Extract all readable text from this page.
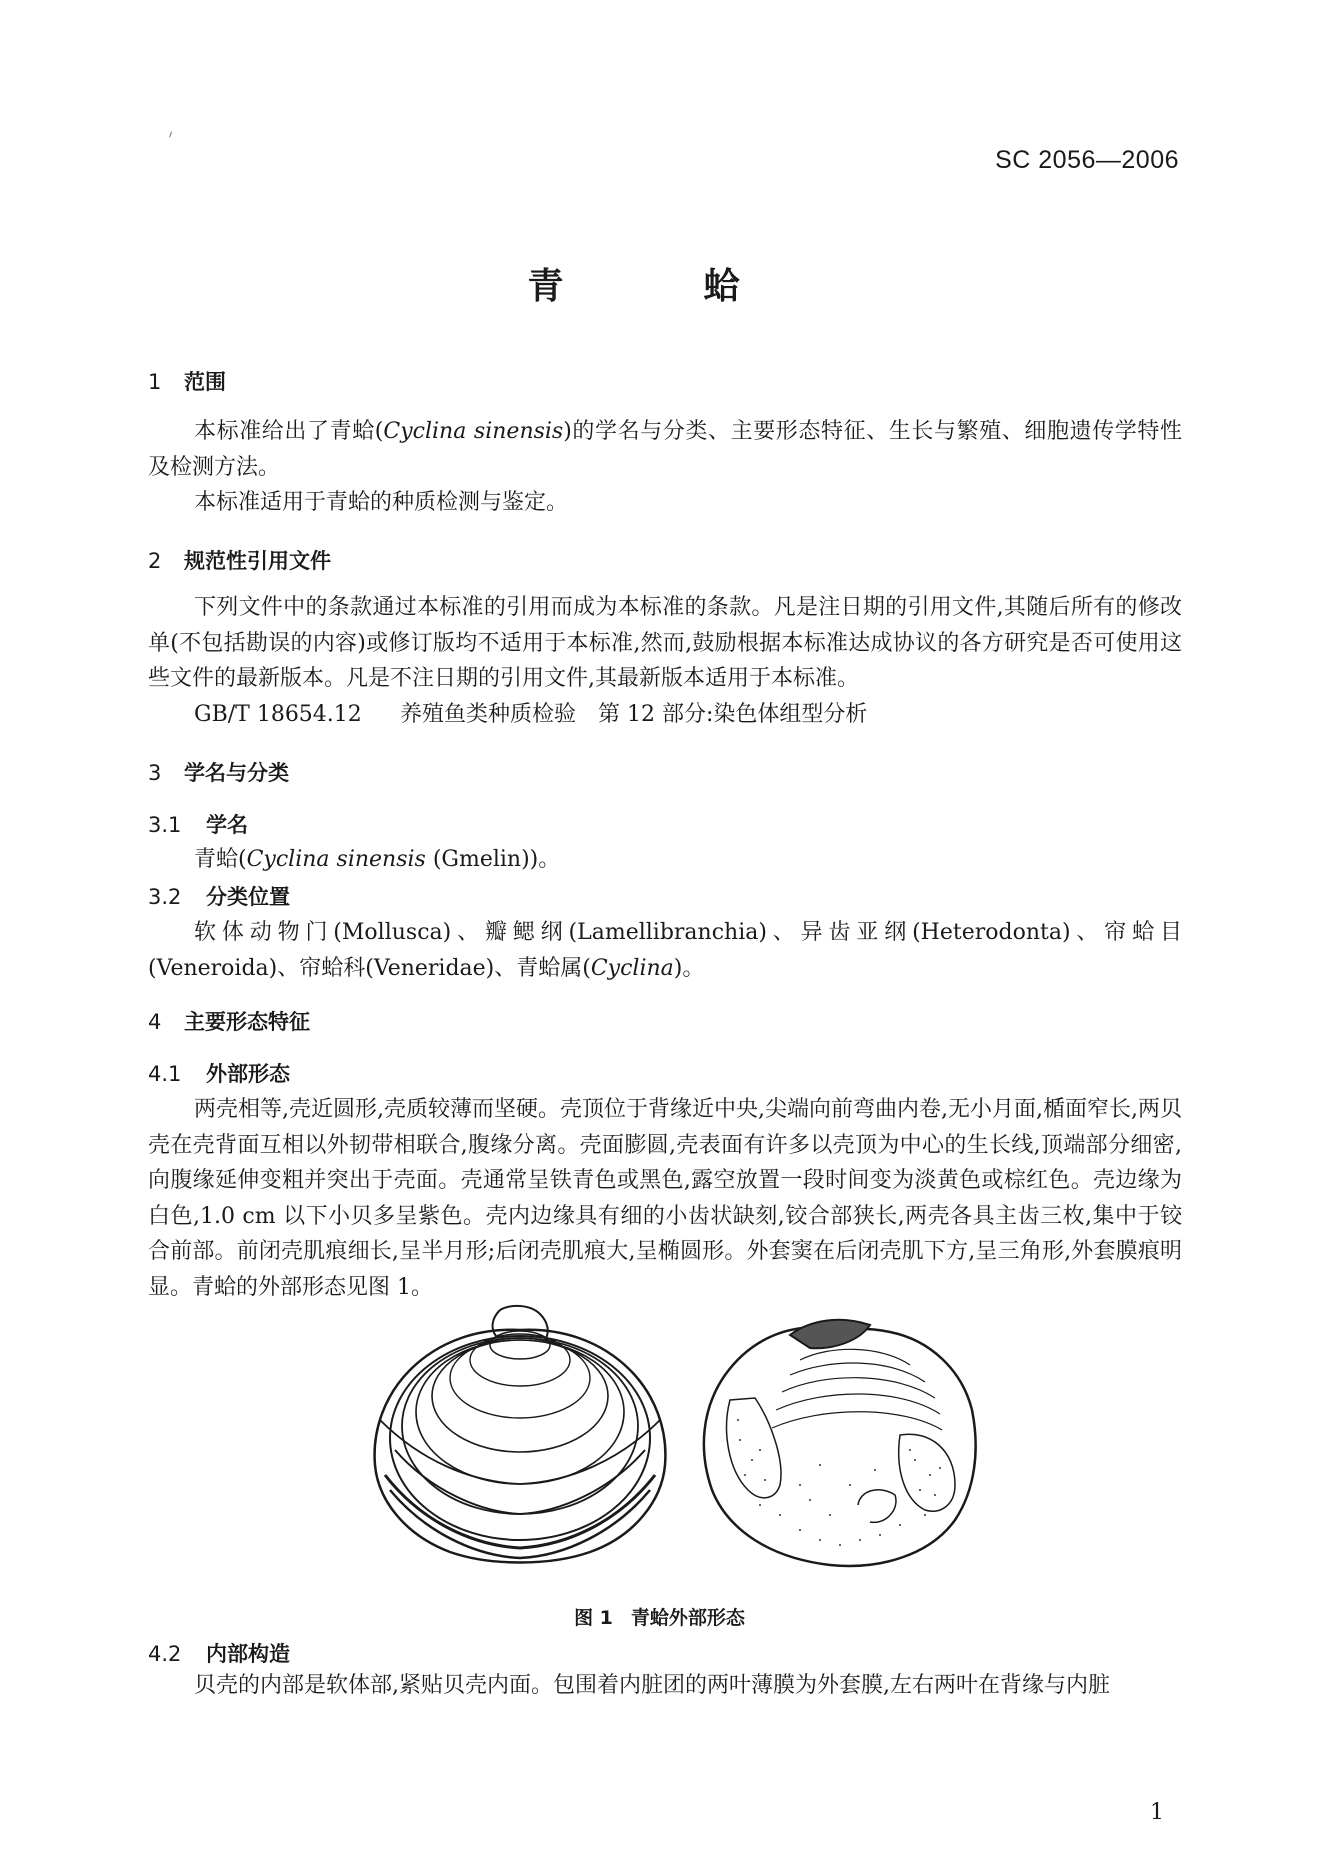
SC 2056—2006
青　蛤
1 范围

本标准给出了青蛤(Cyclina sinensis)的学名与分类、主要形态特征、生长与繁殖、细胞遗传学特性及检测方法。

本标准适用于青蛤的种质检测与鉴定。

2 规范性引用文件

下列文件中的条款通过本标准的引用而成为本标准的条款。凡是注日期的引用文件,其随后所有的修改单(不包括勘误的内容)或修订版均不适用于本标准,然而,鼓励根据本标准达成协议的各方研究是否可使用这些文件的最新版本。凡是不注日期的引用文件,其最新版本适用于本标准。

GB/T 18654.12 养殖鱼类种质检验　第 12 部分:染色体组型分析

3 学名与分类
3.1 学名

青蛤(Cyclina sinensis (Gmelin))。

3.2 分类位置

软体动物门(Mollusca)、瓣鳃纲(Lamellibranchia)、异齿亚纲(Heterodonta)、帘蛤目(Veneroida)、帘蛤科(Veneridae)、青蛤属(Cyclina)。

4 主要形态特征
4.1 外部形态

两壳相等,壳近圆形,壳质较薄而坚硬。壳顶位于背缘近中央,尖端向前弯曲内卷,无小月面,楯面窄长,两贝壳在壳背面互相以外韧带相联合,腹缘分离。壳面膨圆,壳表面有许多以壳顶为中心的生长线,顶端部分细密,向腹缘延伸变粗并突出于壳面。壳通常呈铁青色或黑色,露空放置一段时间变为淡黄色或棕红色。壳边缘为白色,1.0 cm 以下小贝多呈紫色。壳内边缘具有细的小齿状缺刻,铰合部狭长,两壳各具主齿三枚,集中于铰合前部。前闭壳肌痕细长,呈半月形;后闭壳肌痕大,呈椭圆形。外套窦在后闭壳肌下方,呈三角形,外套膜痕明显。青蛤的外部形态见图 1。

图 1 青蛤外部形态
4.2 内部构造

贝壳的内部是软体部,紧贴贝壳内面。包围着内脏团的两叶薄膜为外套膜,左右两叶在背缘与内脏

1
